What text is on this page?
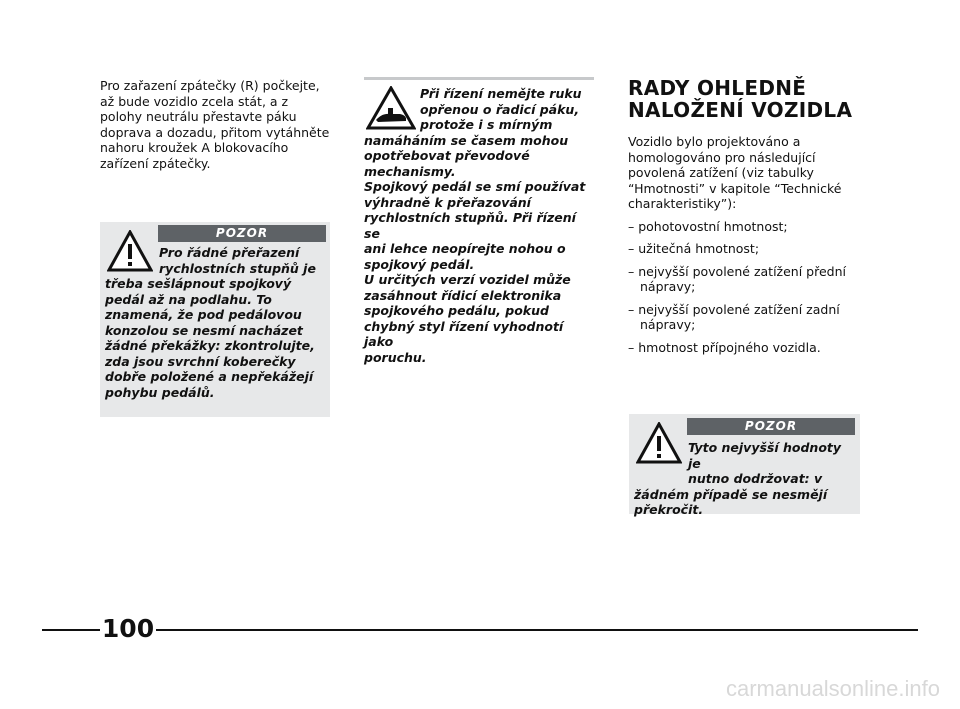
Pro zařazení zpátečky (R) počkejte, až bude vozidlo zcela stát, a z polohy neutrálu přestavte páku doprava a dozadu, přitom vytáhněte nahoru kroužek A blokovacího zařízení zpátečky.
POZOR
Pro řádné přeřazení
rychlostních stupňů je
třeba sešlápnout spojkový
pedál až na podlahu. To
znamená, že pod pedálovou
konzolou se nesmí nacházet
žádné překážky: zkontrolujte,
zda jsou svrchní koberečky
dobře položené a nepřekážejí
pohybu pedálů.
Při řízení nemějte ruku
opřenou o řadicí páku,
protože i s mírným
namáháním se časem mohou
opotřebovat převodové
mechanismy.
Spojkový pedál se smí používat
výhradně k přeřazování
rychlostních stupňů. Při řízení se
ani lehce neopírejte nohou o
spojkový pedál.
U určitých verzí vozidel může
zasáhnout řídicí elektronika
spojkového pedálu, pokud
chybný styl řízení vyhodnotí jako
poruchu.
RADY OHLEDNĚ
NALOŽENÍ VOZIDLA

Vozidlo bylo projektováno a homologováno pro následující povolená zatížení (viz tabulky “Hmotnosti” v kapitole “Technické charakteristiky”):

– pohotovostní hmotnost;

– užitečná hmotnost;

– nejvyšší povolené zatížení přední nápravy;

– nejvyšší povolené zatížení zadní nápravy;

– hmotnost přípojného vozidla.

POZOR
Tyto nejvyšší hodnoty je
nutno dodržovat: v
žádném případě se nesmějí
překročit.
100
carmanualsonline.info
